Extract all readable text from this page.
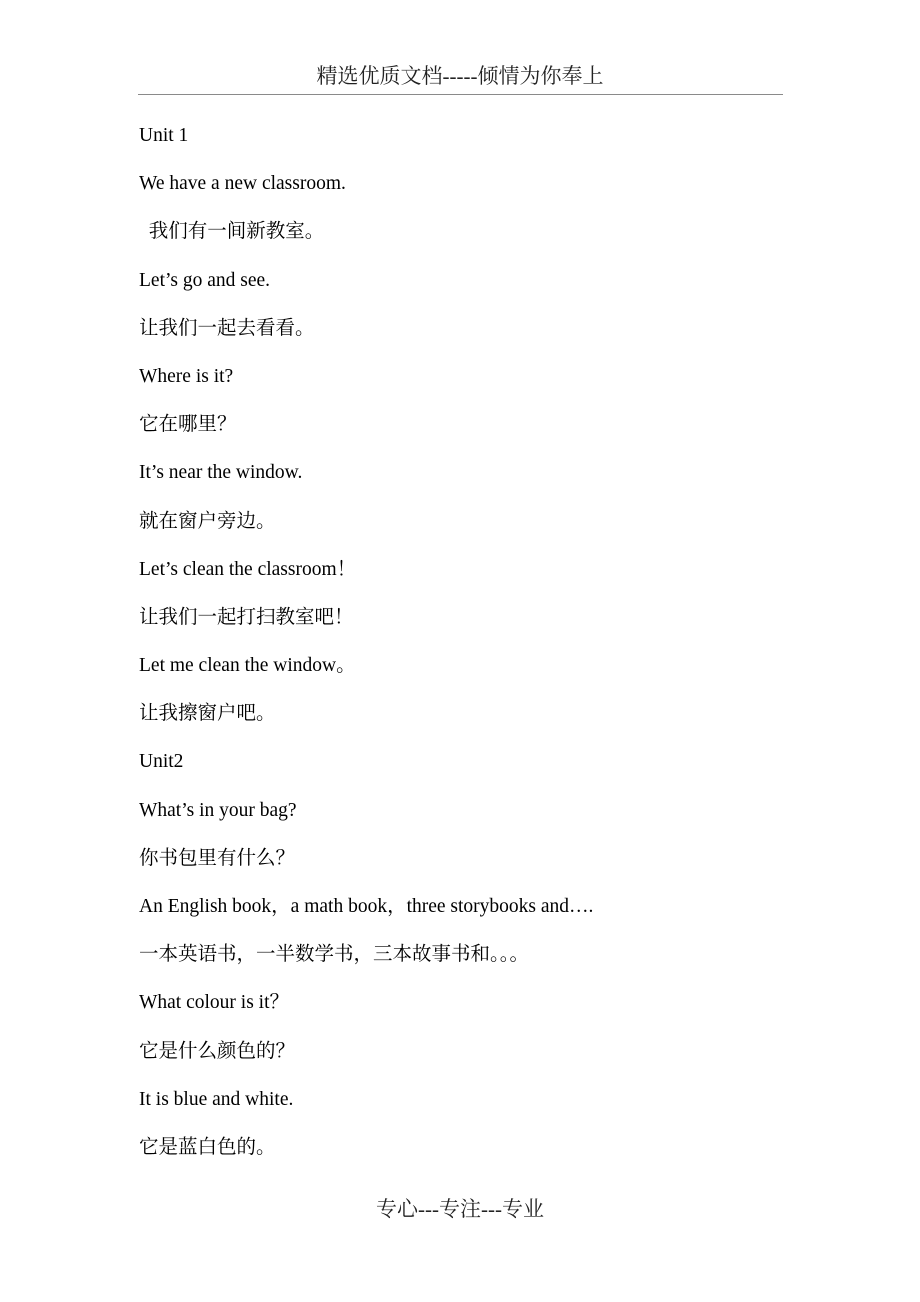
精选优质文档-----倾情为你奉上

Unit 1

We have a new classroom.

我们有一间新教室。

Let’s go and see.

让我们一起去看看。

Where is it?

它在哪里？

It’s near the window.

就在窗户旁边。

Let’s clean the classroom！

让我们一起打扫教室吧！

Let me clean the window。

让我擦窗户吧。

Unit2

What’s in your bag?

你书包里有什么？

An English book，a math book，three storybooks and….

一本英语书，一半数学书，三本故事书和。。。

What colour is it？

它是什么颜色的？

It is blue and white.

它是蓝白色的。

专心---专注---专业
